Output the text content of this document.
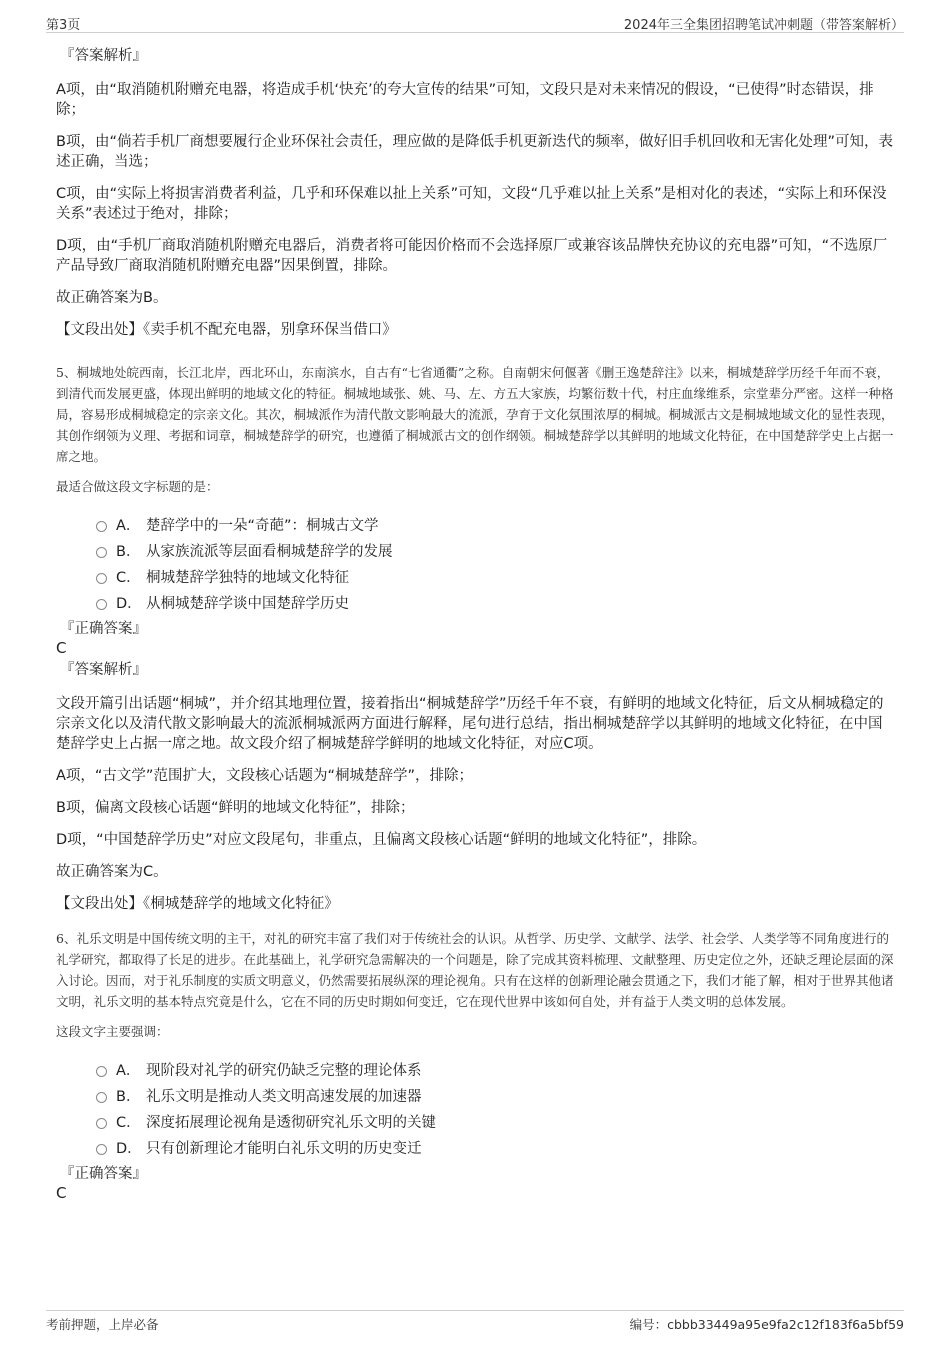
第3页	2024年三全集团招聘笔试冲刺题（带答案解析）
『答案解析』

A项，由“取消随机附赠充电器，将造成手机‘快充’的夸大宣传的结果”可知，文段只是对未来情况的假设，“已使得”时态错误，排除；

B项，由“倘若手机厂商想要履行企业环保社会责任，理应做的是降低手机更新迭代的频率，做好旧手机回收和无害化处理”可知，表述正确，当选；

C项，由“实际上将损害消费者利益，几乎和环保难以扯上关系”可知，文段“几乎难以扯上关系”是相对化的表述，“实际上和环保没关系”表述过于绝对，排除；

D项，由“手机厂商取消随机附赠充电器后，消费者将可能因价格而不会选择原厂或兼容该品牌快充协议的充电器”可知，“不选原厂产品导致厂商取消随机附赠充电器”因果倒置，排除。

故正确答案为B。

【文段出处】《卖手机不配充电器，别拿环保当借口》

5、桐城地处皖西南，长江北岸，西北环山，东南滨水，自古有“七省通衢”之称。自南朝宋何偃著《删王逸楚辞注》以来，桐城楚辞学历经千年而不衰，到清代而发展更盛，体现出鲜明的地域文化的特征。桐城地域张、姚、马、左、方五大家族，均繁衍数十代，村庄血缘维系，宗堂辈分严密。这样一种格局，容易形成桐城稳定的宗亲文化。其次，桐城派作为清代散文影响最大的流派，孕育于文化氛围浓厚的桐城。桐城派古文是桐城地域文化的显性表现，其创作纲领为义理、考据和词章，桐城楚辞学的研究，也遵循了桐城派古文的创作纲领。桐城楚辞学以其鲜明的地域文化特征，在中国楚辞学史上占据一席之地。

最适合做这段文字标题的是：

A． 楚辞学中的一朵“奇葩”：桐城古文学
B． 从家族流派等层面看桐城楚辞学的发展
C． 桐城楚辞学独特的地域文化特征
D． 从桐城楚辞学谈中国楚辞学历史
『正确答案』
C
『答案解析』

文段开篇引出话题“桐城”，并介绍其地理位置，接着指出“桐城楚辞学”历经千年不衰，有鲜明的地域文化特征，后文从桐城稳定的宗亲文化以及清代散文影响最大的流派桐城派两方面进行解释，尾句进行总结，指出桐城楚辞学以其鲜明的地域文化特征，在中国楚辞学史上占据一席之地。故文段介绍了桐城楚辞学鲜明的地域文化特征，对应C项。

A项，“古文学”范围扩大，文段核心话题为“桐城楚辞学”，排除；

B项，偏离文段核心话题“鲜明的地域文化特征”，排除；

D项，“中国楚辞学历史”对应文段尾句，非重点，且偏离文段核心话题“鲜明的地域文化特征”，排除。

故正确答案为C。

【文段出处】《桐城楚辞学的地域文化特征》

6、礼乐文明是中国传统文明的主干，对礼的研究丰富了我们对于传统社会的认识。从哲学、历史学、文献学、法学、社会学、人类学等不同角度进行的礼学研究，都取得了长足的进步。在此基础上，礼学研究急需解决的一个问题是，除了完成其资料梳理、文献整理、历史定位之外，还缺乏理论层面的深入讨论。因而，对于礼乐制度的实质文明意义，仍然需要拓展纵深的理论视角。只有在这样的创新理论融会贯通之下，我们才能了解，相对于世界其他诸文明，礼乐文明的基本特点究竟是什么，它在不同的历史时期如何变迁，它在现代世界中该如何自处，并有益于人类文明的总体发展。

这段文字主要强调：

A． 现阶段对礼学的研究仍缺乏完整的理论体系
B． 礼乐文明是推动人类文明高速发展的加速器
C． 深度拓展理论视角是透彻研究礼乐文明的关键
D． 只有创新理论才能明白礼乐文明的历史变迁
『正确答案』
C
考前押题，上岸必备	编号：cbbb33449a95e9fa2c12f183f6a5bf59
